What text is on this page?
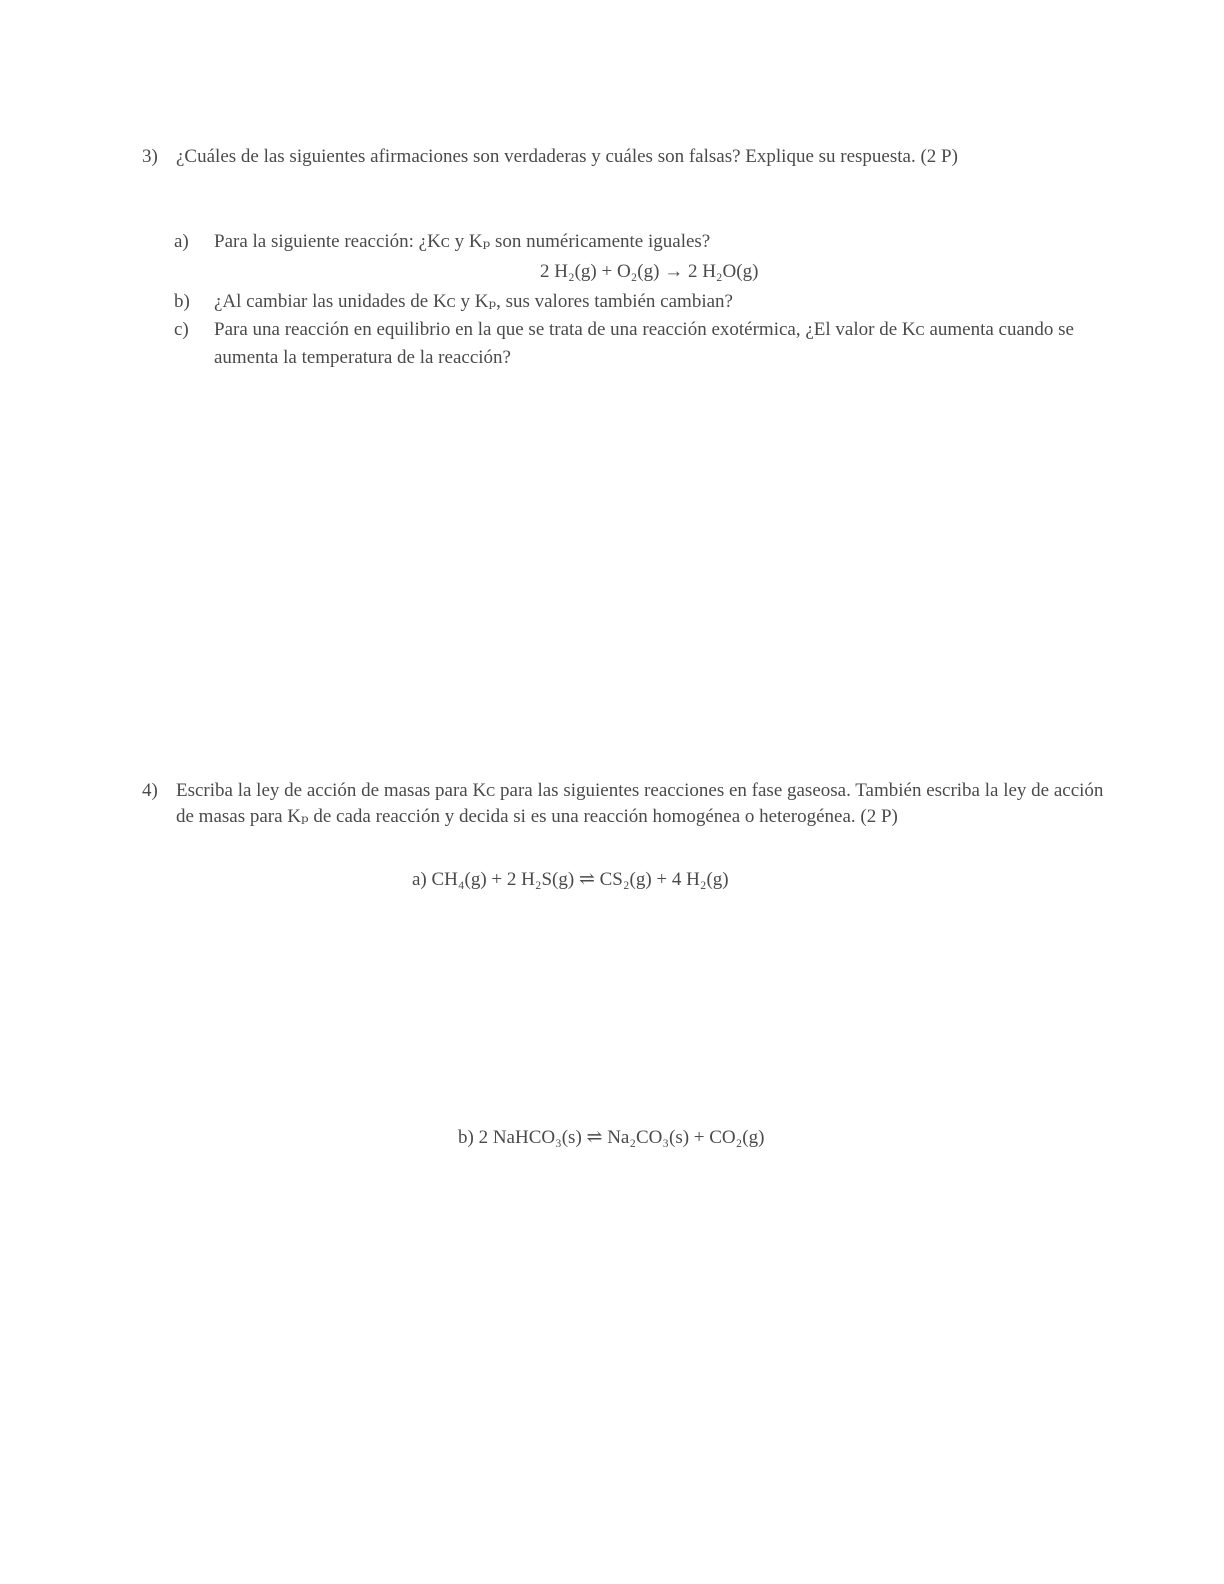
3) ¿Cuáles de las siguientes afirmaciones son verdaderas y cuáles son falsas? Explique su respuesta. (2 P)
a) Para la siguiente reacción: ¿Kᴄ y Kₚ son numéricamente iguales?
2 H₂(g) + O₂(g) → 2 H₂O(g)
b) ¿Al cambiar las unidades de Kᴄ y Kₚ, sus valores también cambian?
c) Para una reacción en equilibrio en la que se trata de una reacción exotérmica, ¿El valor de Kᴄ aumenta cuando se aumenta la temperatura de la reacción?
4) Escriba la ley de acción de masas para Kᴄ para las siguientes reacciones en fase gaseosa. También escriba la ley de acción de masas para Kₚ de cada reacción y decida si es una reacción homogénea o heterogénea. (2 P)
a) CH₄(g) + 2 H₂S(g) ⇌ CS₂(g) + 4 H₂(g)
b) 2 NaHCO₃(s) ⇌ Na₂CO₃(s) + CO₂(g)
